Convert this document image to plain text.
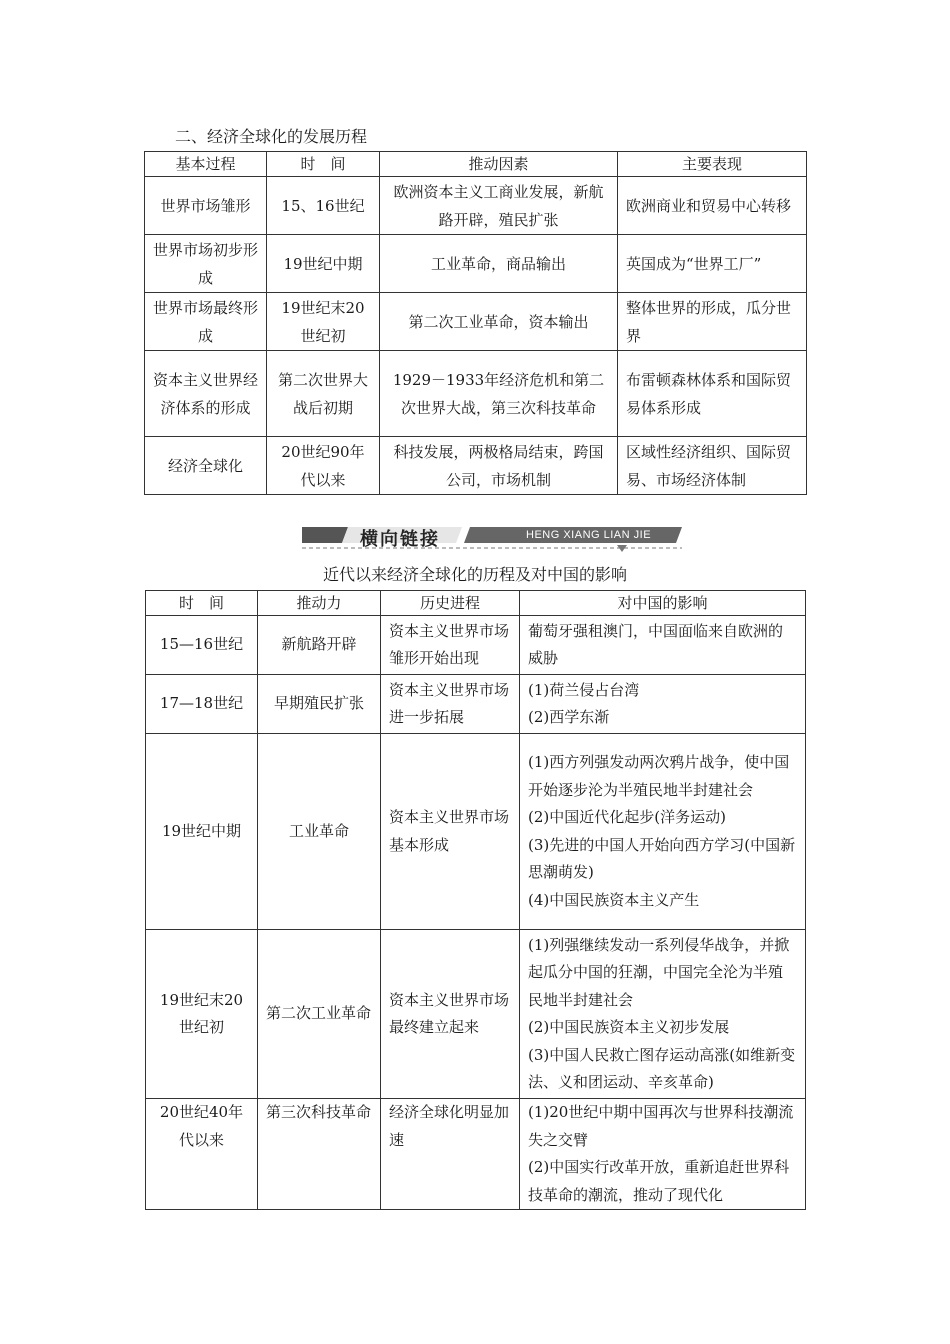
二、经济全球化的发展历程
基本过程	时　间	推动因素	主要表现
世界市场雏形	15、16世纪	欧洲资本主义工商业发展，新航路开辟，殖民扩张	欧洲商业和贸易中心转移
世界市场初步形成	19世纪中期	工业革命，商品输出	英国成为“世界工厂”
世界市场最终形成	19世纪末20世纪初	第二次工业革命，资本输出	整体世界的形成，瓜分世界
资本主义世界经济体系的形成	第二次世界大战后初期	1929－1933年经济危机和第二次世界大战，第三次科技革命	布雷顿森林体系和国际贸易体系形成
经济全球化	20世纪90年代以来	科技发展，两极格局结束，跨国公司，市场机制	区域性经济组织、国际贸易、市场经济体制
横向链接	HENG XIANG LIAN JIE
近代以来经济全球化的历程及对中国的影响
时　间	推动力	历史进程	对中国的影响
15—16世纪	新航路开辟	资本主义世界市场雏形开始出现	葡萄牙强租澳门，中国面临来自欧洲的威胁

17—18世纪	早期殖民扩张	资本主义世界市场进一步拓展	(1)荷兰侵占台湾
(2)西学东渐

19世纪中期	工业革命	资本主义世界市场基本形成	(1)西方列强发动两次鸦片战争，使中国开始逐步沦为半殖民地半封建社会
(2)中国近代化起步(洋务运动)
(3)先进的中国人开始向西方学习(中国新思潮萌发)
(4)中国民族资本主义产生

19世纪末20世纪初	第二次工业革命	资本主义世界市场最终建立起来	(1)列强继续发动一系列侵华战争，并掀起瓜分中国的狂潮，中国完全沦为半殖民地半封建社会
(2)中国民族资本主义初步发展
(3)中国人民救亡图存运动高涨(如维新变法、义和团运动、辛亥革命)

20世纪40年代以来	第三次科技革命	经济全球化明显加速	(1)20世纪中期中国再次与世界科技潮流失之交臂
(2)中国实行改革开放，重新追赶世界科技革命的潮流，推动了现代化
